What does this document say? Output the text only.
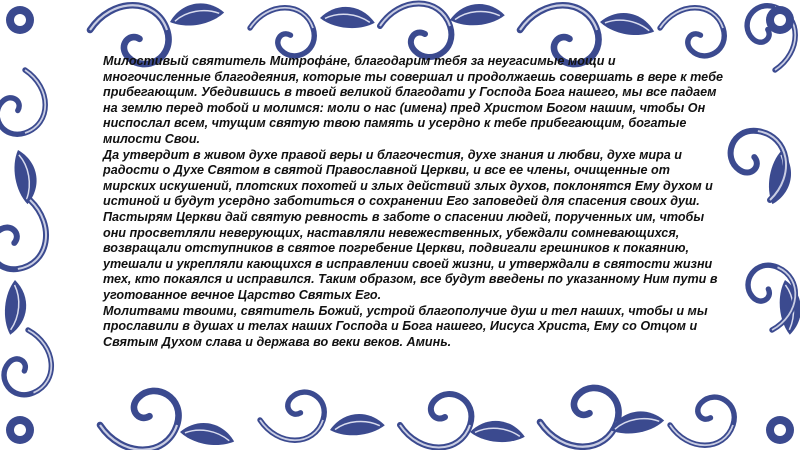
Милостивый святитель Митрофа́не, благодарим тебя за неугасимые мощи и многочисленные благодеяния, которые ты совершал и продолжаешь совершать в вере к тебе прибегающим. Убедившись в твоей великой благодати у Господа Бога нашего, мы все падаем на землю перед тобой и молимся: моли о нас (имена) пред Христом Богом нашим, чтобы Он ниспослал всем, чтущим святую твою память и усердно к тебе прибегающим, богатые милости Свои.

Да утвердит в живом духе правой веры и благочестия, духе знания и любви, духе мира и радости о Духе Святом в святой Православной Церкви, и все ее члены, очищенные от мирских искушений, плотских похотей и злых действий злых духов, поклонятся Ему духом и истиной и будут усердно заботиться о сохранении Его заповедей для спасения своих душ.

Пастырям Церкви дай святую ревность в заботе о спасении людей, порученных им, чтобы они просветляли неверующих, наставляли невежественных, убеждали сомневающихся, возвращали отступников в святое погребение Церкви, подвигали грешников к покаянию, утешали и укрепляли кающихся в исправлении своей жизни, и утверждали в святости жизни тех, кто покаялся и исправился. Таким образом, все будут введены по указанному Ним пути в уготованное вечное Царство Святых Его.

Молитвами твоими, святитель Божий, устрой благополучие душ и тел наших, чтобы и мы прославили в душах и телах наших Господа и Бога нашего, Иисуса Христа, Ему со Отцом и Святым Духом слава и держава во веки веков. Аминь.
